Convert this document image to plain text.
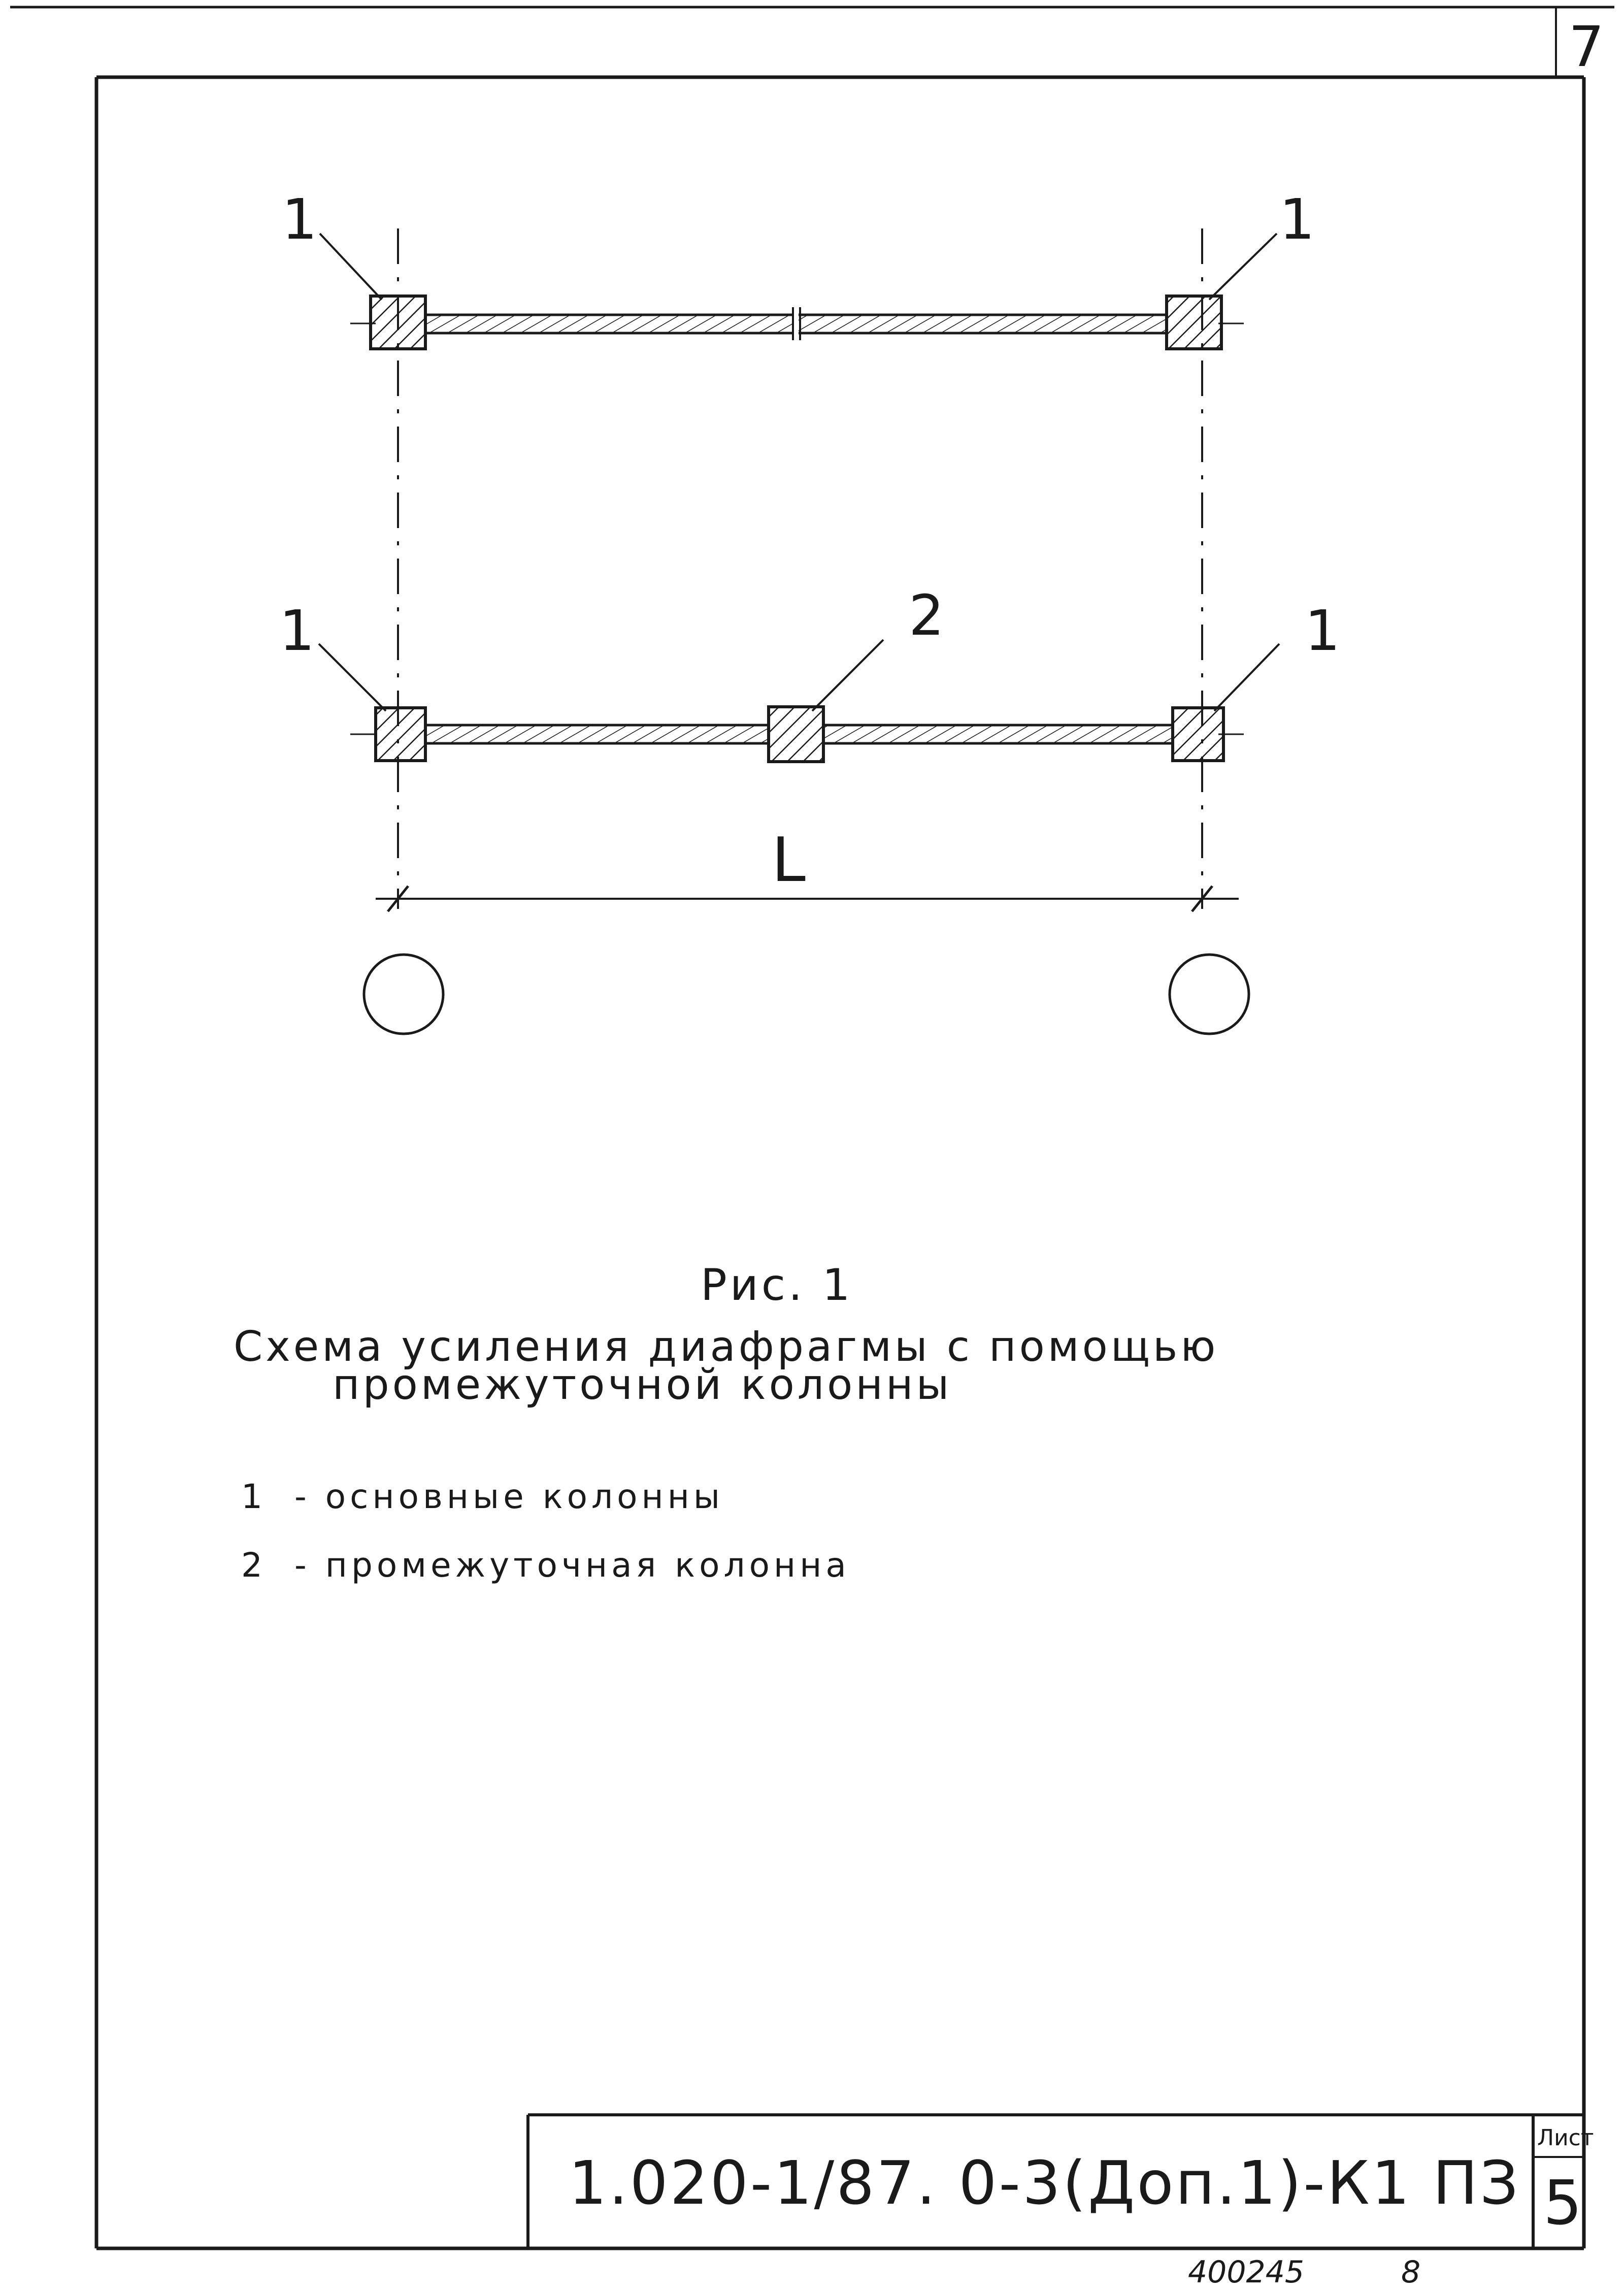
7
1	1
1	2	1
L
Рис. 1
Схема усиления диафрагмы с помощью
промежуточной колонны
1 - основные колонны
2 - промежуточная колонна
1.020-1/87. 0-3(Доп.1)-К1 ПЗ
Лист
5
400245	8
